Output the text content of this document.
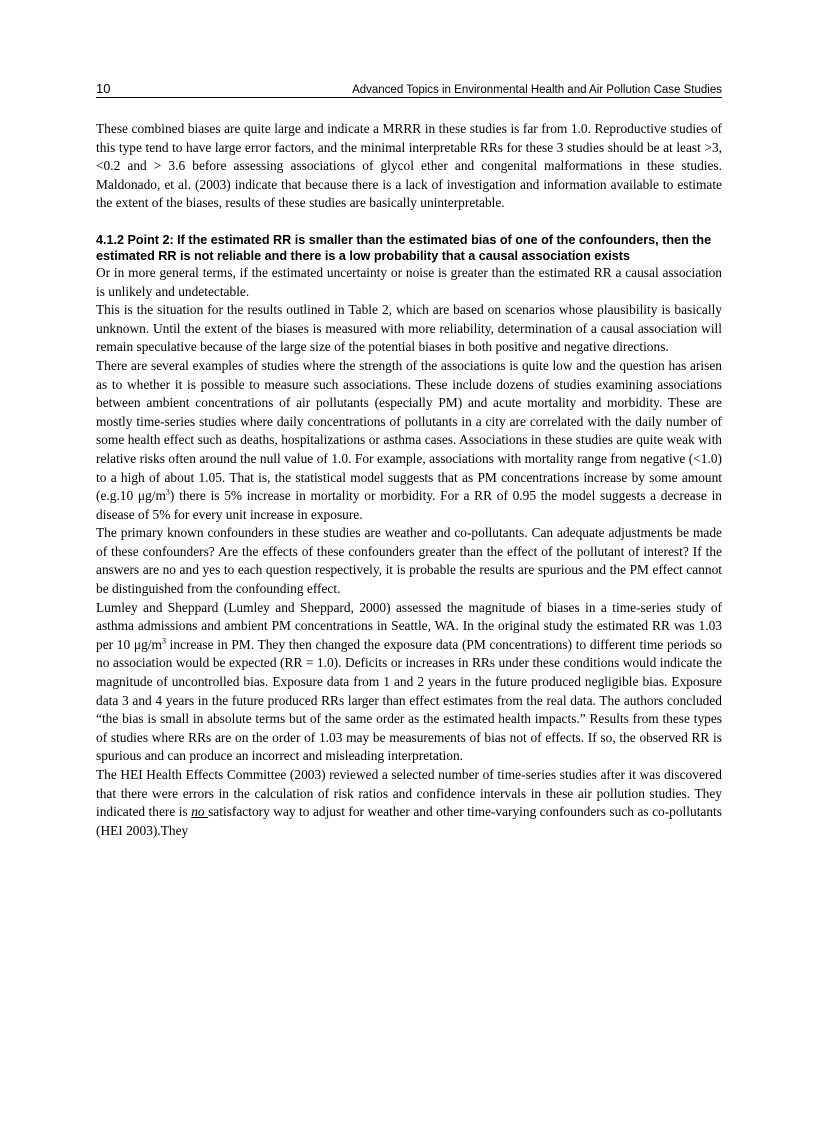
10	Advanced Topics in Environmental Health and Air Pollution Case Studies

These combined biases are quite large and indicate a MRRR in these studies is far from 1.0. Reproductive studies of this type tend to have large error factors, and the minimal interpretable RRs for these 3 studies should be at least >3, <0.2 and > 3.6 before assessing associations of glycol ether and congenital malformations in these studies. Maldonado, et al. (2003) indicate that because there is a lack of investigation and information available to estimate the extent of the biases, results of these studies are basically uninterpretable.

4.1.2 Point 2: If the estimated RR is smaller than the estimated bias of one of the confounders, then the estimated RR is not reliable and there is a low probability that a causal association exists

Or in more general terms, if the estimated uncertainty or noise is greater than the estimated RR a causal association is unlikely and undetectable.

This is the situation for the results outlined in Table 2, which are based on scenarios whose plausibility is basically unknown. Until the extent of the biases is measured with more reliability, determination of a causal association will remain speculative because of the large size of the potential biases in both positive and negative directions.

There are several examples of studies where the strength of the associations is quite low and the question has arisen as to whether it is possible to measure such associations. These include dozens of studies examining associations between ambient concentrations of air pollutants (especially PM) and acute mortality and morbidity. These are mostly time-series studies where daily concentrations of pollutants in a city are correlated with the daily number of some health effect such as deaths, hospitalizations or asthma cases. Associations in these studies are quite weak with relative risks often around the null value of 1.0. For example, associations with mortality range from negative (<1.0) to a high of about 1.05. That is, the statistical model suggests that as PM concentrations increase by some amount (e.g.10 $\mu g/m^3$) there is 5% increase in mortality or morbidity. For a RR of 0.95 the model suggests a decrease in disease of 5% for every unit increase in exposure.

The primary known confounders in these studies are weather and co-pollutants. Can adequate adjustments be made of these confounders? Are the effects of these confounders greater than the effect of the pollutant of interest? If the answers are no and yes to each question respectively, it is probable the results are spurious and the PM effect cannot be distinguished from the confounding effect.

Lumley and Sheppard (Lumley and Sheppard, 2000) assessed the magnitude of biases in a time-series study of asthma admissions and ambient PM concentrations in Seattle, WA. In the original study the estimated RR was 1.03 per 10 $\mu g/m^3$ increase in PM. They then changed the exposure data (PM concentrations) to different time periods so no association would be expected (RR = 1.0). Deficits or increases in RRs under these conditions would indicate the magnitude of uncontrolled bias. Exposure data from 1 and 2 years in the future produced negligible bias. Exposure data 3 and 4 years in the future produced RRs larger than effect estimates from the real data. The authors concluded “the bias is small in absolute terms but of the same order as the estimated health impacts.” Results from these types of studies where RRs are on the order of 1.03 may be measurements of bias not of effects. If so, the observed RR is spurious and can produce an incorrect and misleading interpretation.

The HEI Health Effects Committee (2003) reviewed a selected number of time-series studies after it was discovered that there were errors in the calculation of risk ratios and confidence intervals in these air pollution studies. They indicated there is no satisfactory way to adjust for weather and other time-varying confounders such as co-pollutants (HEI 2003).They
